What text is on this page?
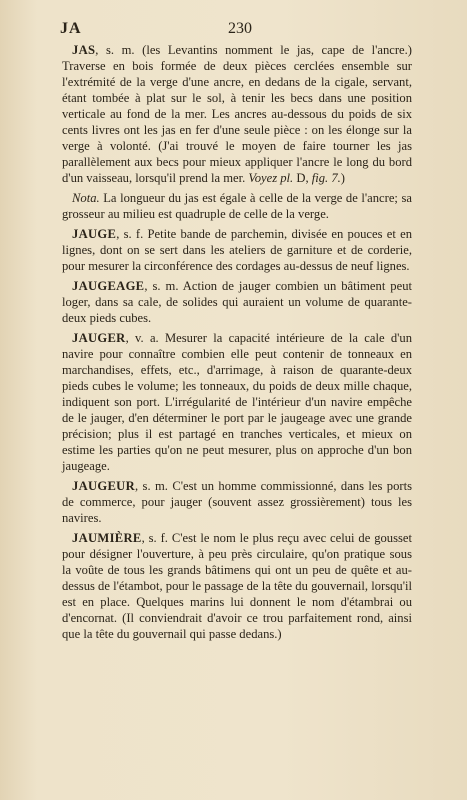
JA	230

JAS, s. m. (les Levantins nomment le jas, cape de l'ancre.) Traverse en bois formée de deux pièces cerclées ensemble sur l'extrémité de la verge d'une ancre, en dedans de la cigale, servant, étant tombée à plat sur le sol, à tenir les becs dans une position verticale au fond de la mer. Les ancres au-dessous du poids de six cents livres ont les jas en fer d'une seule pièce : on les élonge sur la verge à volonté. (J'ai trouvé le moyen de faire tourner les jas parallèlement aux becs pour mieux appliquer l'ancre le long du bord d'un vaisseau, lorsqu'il prend la mer. Voyez pl. D, fig. 7.)

Nota. La longueur du jas est égale à celle de la verge de l'ancre; sa grosseur au milieu est quadruple de celle de la verge.

JAUGE, s. f. Petite bande de parchemin, divisée en pouces et en lignes, dont on se sert dans les ateliers de garniture et de corderie, pour mesurer la circonférence des cordages au-dessus de neuf lignes.

JAUGEAGE, s. m. Action de jauger combien un bâtiment peut loger, dans sa cale, de solides qui auraient un volume de quarante-deux pieds cubes.

JAUGER, v. a. Mesurer la capacité intérieure de la cale d'un navire pour connaître combien elle peut contenir de tonneaux en marchandises, effets, etc., d'arrimage, à raison de quarante-deux pieds cubes le volume; les tonneaux, du poids de deux mille chaque, indiquent son port. L'irrégularité de l'intérieur d'un navire empêche de le jauger, d'en déterminer le port par le jaugeage avec une grande précision; plus il est partagé en tranches verticales, et mieux on estime les parties qu'on ne peut mesurer, plus on approche d'un bon jaugeage.

JAUGEUR, s. m. C'est un homme commissionné, dans les ports de commerce, pour jauger (souvent assez grossièrement) tous les navires.

JAUMIÈRE, s. f. C'est le nom le plus reçu avec celui de gousset pour désigner l'ouverture, à peu près circulaire, qu'on pratique sous la voûte de tous les grands bâtimens qui ont un peu de quête et au-dessus de l'étambot, pour le passage de la tête du gouvernail, lorsqu'il est en place. Quelques marins lui donnent le nom d'étambrai ou d'encornat. (Il conviendrait d'avoir ce trou parfaitement rond, ainsi que la tête du gouvernail qui passe dedans.)
